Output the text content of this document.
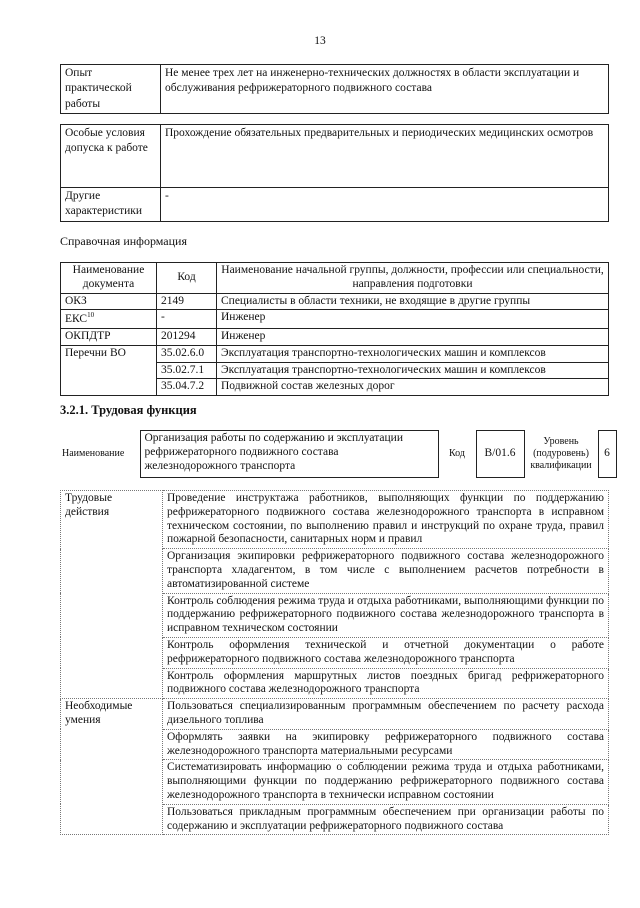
13
Опыт практической работы	Не менее трех лет на инженерно-технических должностях в области эксплуатации и обслуживания рефрижераторного подвижного состава
Особые условия допуска к работе	Прохождение обязательных предварительных и периодических медицинских осмотров
Другие характеристики	-
Справочная информация
Наименование документа	Код	Наименование начальной группы, должности, профессии или специальности, направления подготовки
ОКЗ	2149	Специалисты в области техники, не входящие в другие группы
ЕКС$^{10}$	-	Инженер
ОКПДТР	201294	Инженер
Перечни ВО	35.02.6.0	Эксплуатация транспортно-технологических машин и комплексов
	35.02.7.1	Эксплуатация транспортно-технологических машин и комплексов
	35.04.7.2	Подвижной состав железных дорог
3.2.1. Трудовая функция
Наименование	Организация работы по содержанию и эксплуатации рефрижераторного подвижного состава железнодорожного транспорта	Код	B/01.6	Уровень (подуровень) квалификации	6
Трудовые действия	Проведение инструктажа работников, выполняющих функции по поддержанию рефрижераторного подвижного состава железнодорожного транспорта в исправном техническом состоянии, по выполнению правил и инструкций по охране труда, правил пожарной безопасности, санитарных норм и правил
	Организация экипировки рефрижераторного подвижного состава железнодорожного транспорта хладагентом, в том числе с выполнением расчетов потребности в автоматизированной системе
	Контроль соблюдения режима труда и отдыха работниками, выполняющими функции по поддержанию рефрижераторного подвижного состава железнодорожного транспорта в исправном техническом состоянии
	Контроль оформления технической и отчетной документации о работе рефрижераторного подвижного состава железнодорожного транспорта
	Контроль оформления маршрутных листов поездных бригад рефрижераторного подвижного состава железнодорожного транспорта
Необходимые умения	Пользоваться специализированным программным обеспечением по расчету расхода дизельного топлива
	Оформлять заявки на экипировку рефрижераторного подвижного состава железнодорожного транспорта материальными ресурсами
	Систематизировать информацию о соблюдении режима труда и отдыха работниками, выполняющими функции по поддержанию рефрижераторного подвижного состава железнодорожного транспорта в технически исправном состоянии
	Пользоваться прикладным программным обеспечением при организации работы по содержанию и эксплуатации рефрижераторного подвижного состава
